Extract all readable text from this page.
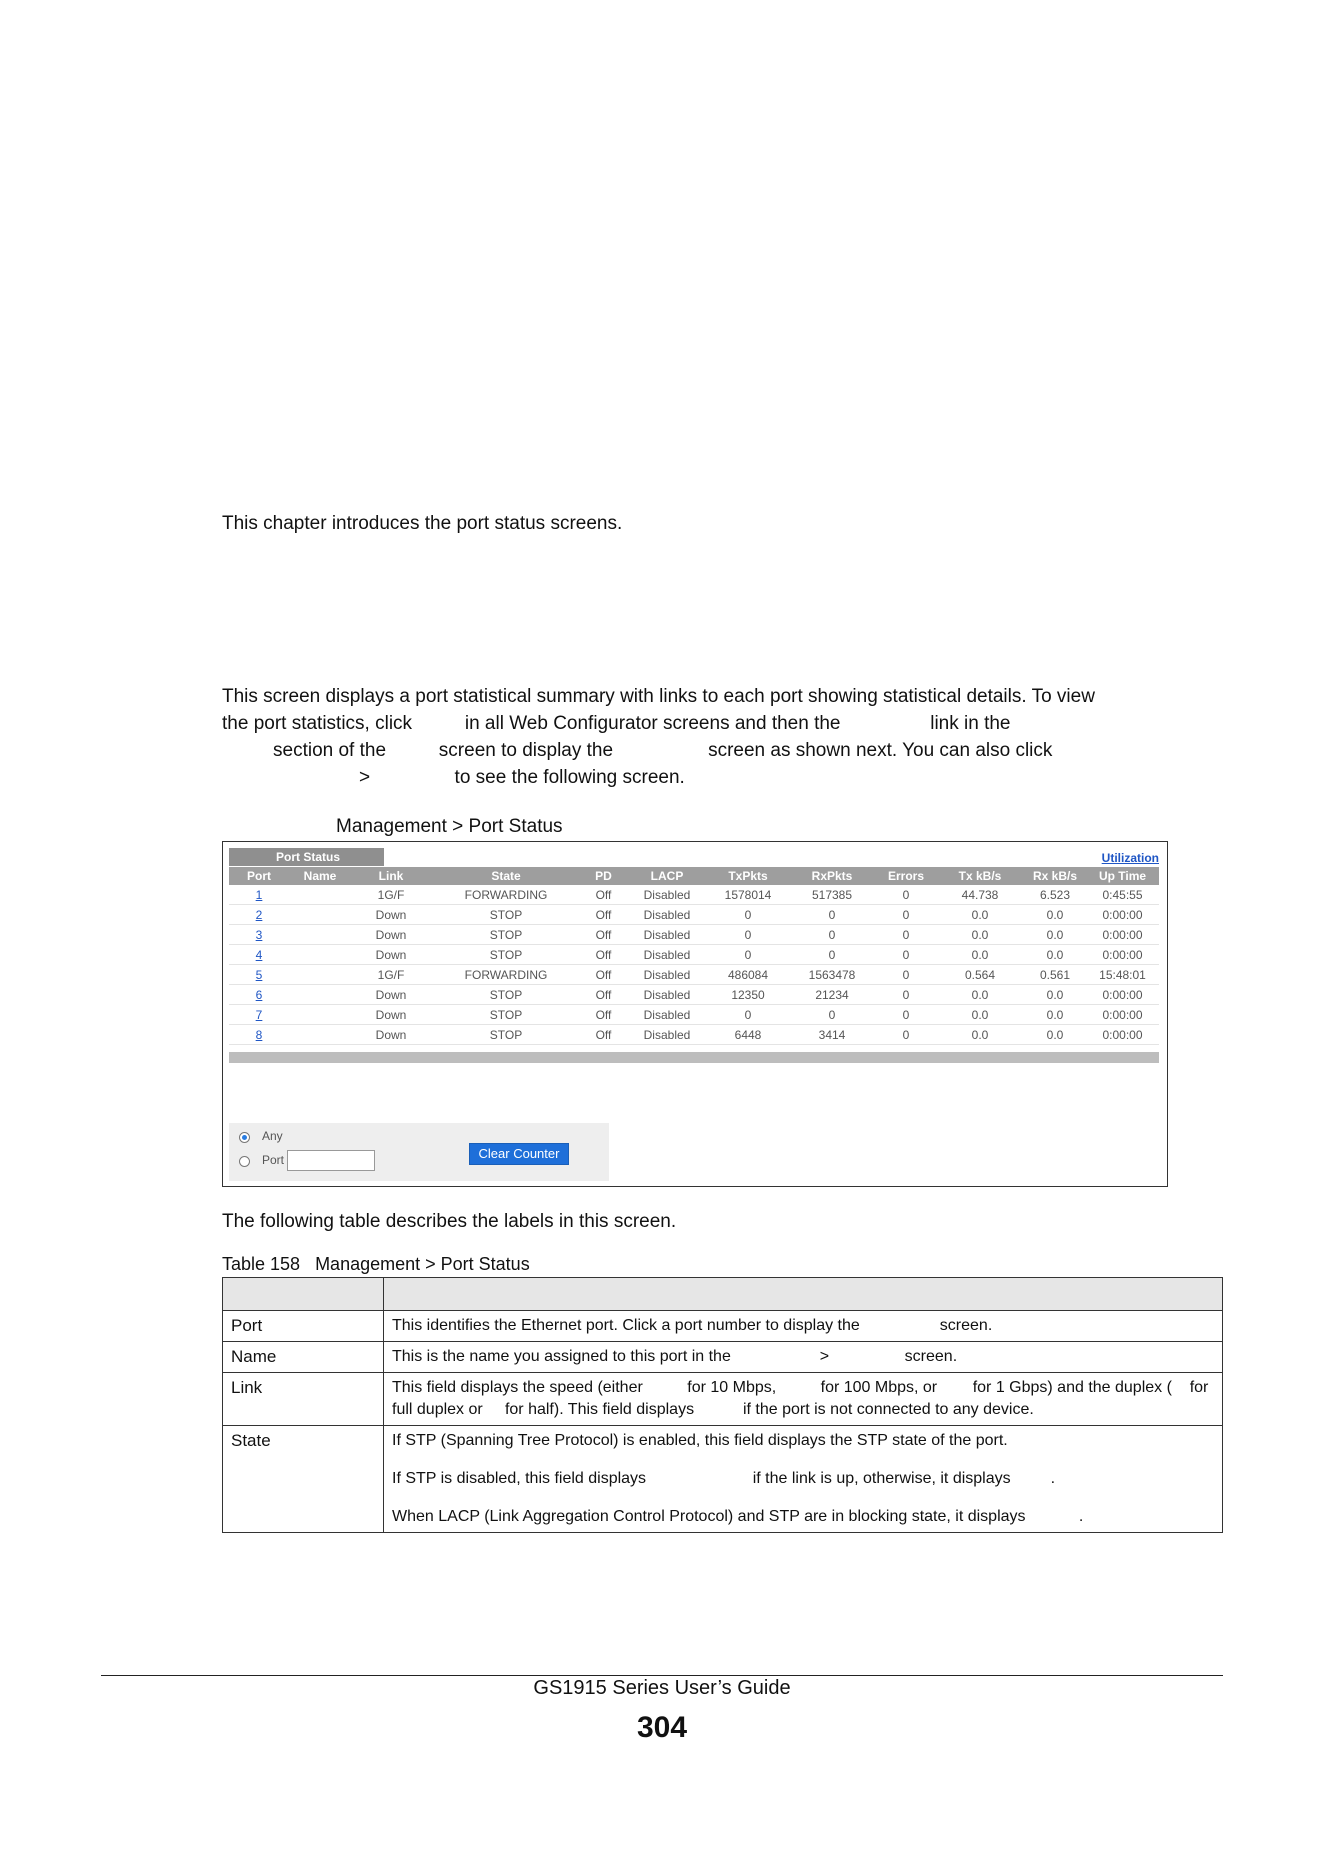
This chapter introduces the port status screens.

This screen displays a port statistical summary with links to each port showing statistical details. To view

the port statistics, click          in all Web Configurator screens and then the                 link in the

section of the          screen to display the                  screen as shown next. You can also click

>                to see the following screen.

Management > Port Status

Port Status	Utilization
Port	Name	Link	State	PD	LACP	TxPkts	RxPkts	Errors	Tx kB/s	Rx kB/s	Up Time
1		1G/F	FORWARDING	Off	Disabled	1578014	517385	0	44.738	6.523	0:45:55
2		Down	STOP	Off	Disabled	0	0	0	0.0	0.0	0:00:00
3		Down	STOP	Off	Disabled	0	0	0	0.0	0.0	0:00:00
4		Down	STOP	Off	Disabled	0	0	0	0.0	0.0	0:00:00
5		1G/F	FORWARDING	Off	Disabled	486084	1563478	0	0.564	0.561	15:48:01
6		Down	STOP	Off	Disabled	12350	21234	0	0.0	0.0	0:00:00
7		Down	STOP	Off	Disabled	0	0	0	0.0	0.0	0:00:00
8		Down	STOP	Off	Disabled	6448	3414	0	0.0	0.0	0:00:00
Any
Port	Clear Counter

The following table describes the labels in this screen.

Table 158   Management > Port Status

Port	This identifies the Ethernet port. Click a port number to display the                  screen.

Name	This is the name you assigned to this port in the                    >                 screen.

Link	This field displays the speed (either          for 10 Mbps,          for 100 Mbps, or        for 1 Gbps) and the duplex (    for full duplex or     for half). This field displays           if the port is not connected to any device.

State	If STP (Spanning Tree Protocol) is enabled, this field displays the STP state of the port.

If STP is disabled, this field displays                        if the link is up, otherwise, it displays         .

When LACP (Link Aggregation Control Protocol) and STP are in blocking state, it displays            .

GS1915 Series User’s Guide
304
